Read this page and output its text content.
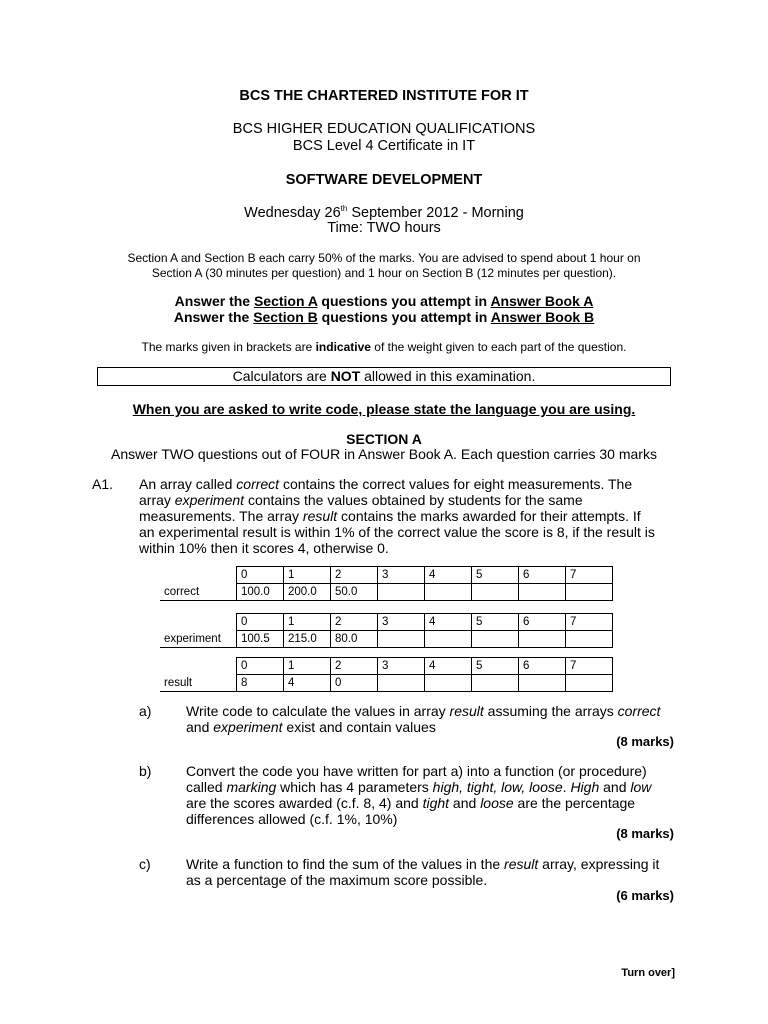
BCS THE CHARTERED INSTITUTE FOR IT
BCS HIGHER EDUCATION QUALIFICATIONS
BCS Level 4 Certificate in IT
SOFTWARE DEVELOPMENT
Wednesday 26th September 2012 - Morning
Time: TWO hours
Section A and Section B each carry 50% of the marks. You are advised to spend about 1 hour on
Section A (30 minutes per question) and 1 hour on Section B (12 minutes per question).
Answer the Section A questions you attempt in Answer Book A
Answer the Section B questions you attempt in Answer Book B
The marks given in brackets are indicative of the weight given to each part of the question.
Calculators are NOT allowed in this examination.
When you are asked to write code, please state the language you are using.
SECTION A
Answer TWO questions out of FOUR in Answer Book A. Each question carries 30 marks
A1. An array called correct contains the correct values for eight measurements. The
array experiment contains the values obtained by students for the same
measurements. The array result contains the marks awarded for their attempts. If
an experimental result is within 1% of the correct value the score is 8, if the result is
within 10% then it scores 4, otherwise 0.
	0	1	2	3	4	5	6	7
correct	100.0	200.0	50.0					
	0	1	2	3	4	5	6	7
experiment	100.5	215.0	80.0					
	0	1	2	3	4	5	6	7
result	8	4	0					
a) Write code to calculate the values in array result assuming the arrays correct
and experiment exist and contain values
(8 marks)
b) Convert the code you have written for part a) into a function (or procedure)
called marking which has 4 parameters high, tight, low, loose. High and low
are the scores awarded (c.f. 8, 4) and tight and loose are the percentage
differences allowed (c.f. 1%, 10%)
(8 marks)
c)	Write a function to find the sum of the values in the result array, expressing it
as a percentage of the maximum score possible.
(6 marks)
Turn over]
